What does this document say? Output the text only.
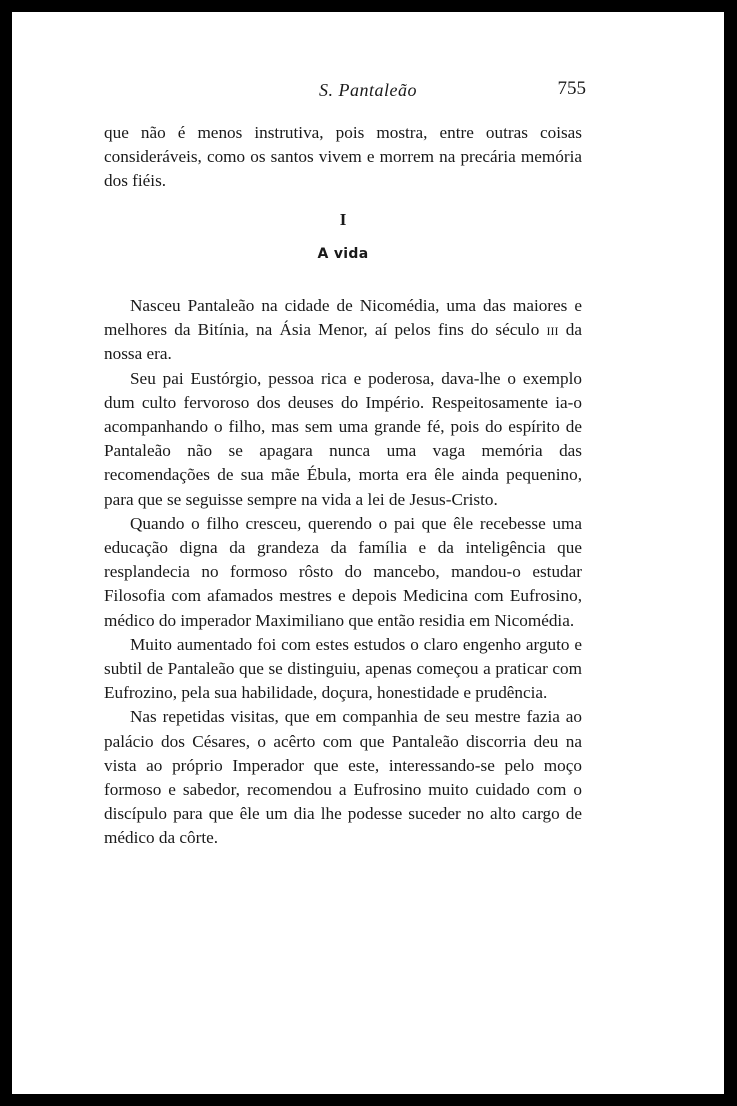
S. Pantaleão	755

que não é menos instrutiva, pois mostra, entre outras coisas consideráveis, como os santos vivem e morrem na precária memória dos fiéis.

I
A vida

Nasceu Pantaleão na cidade de Nicomédia, uma das maiores e melhores da Bitínia, na Ásia Menor, aí pelos fins do século iii da nossa era.

Seu pai Eustórgio, pessoa rica e poderosa, dava-lhe o exemplo dum culto fervoroso dos deuses do Império. Respeitosamente ia-o acompanhando o filho, mas sem uma grande fé, pois do espírito de Pantaleão não se apagara nunca uma vaga memória das recomendações de sua mãe Ébula, morta era êle ainda pequenino, para que se seguisse sempre na vida a lei de Jesus-Cristo.

Quando o filho cresceu, querendo o pai que êle recebesse uma educação digna da grandeza da família e da inteligência que resplandecia no formoso rôsto do mancebo, mandou-o estudar Filosofia com afamados mestres e depois Medicina com Eufrosino, médico do imperador Maximiliano que então residia em Nicomédia.

Muito aumentado foi com estes estudos o claro engenho arguto e subtil de Pantaleão que se distinguiu, apenas começou a praticar com Eufrozino, pela sua habilidade, doçura, honestidade e prudência.

Nas repetidas visitas, que em companhia de seu mestre fazia ao palácio dos Césares, o acêrto com que Pantaleão discorria deu na vista ao próprio Imperador que este, interessando-se pelo moço formoso e sabedor, recomendou a Eufrosino muito cuidado com o discípulo para que êle um dia lhe podesse suceder no alto cargo de médico da côrte.
